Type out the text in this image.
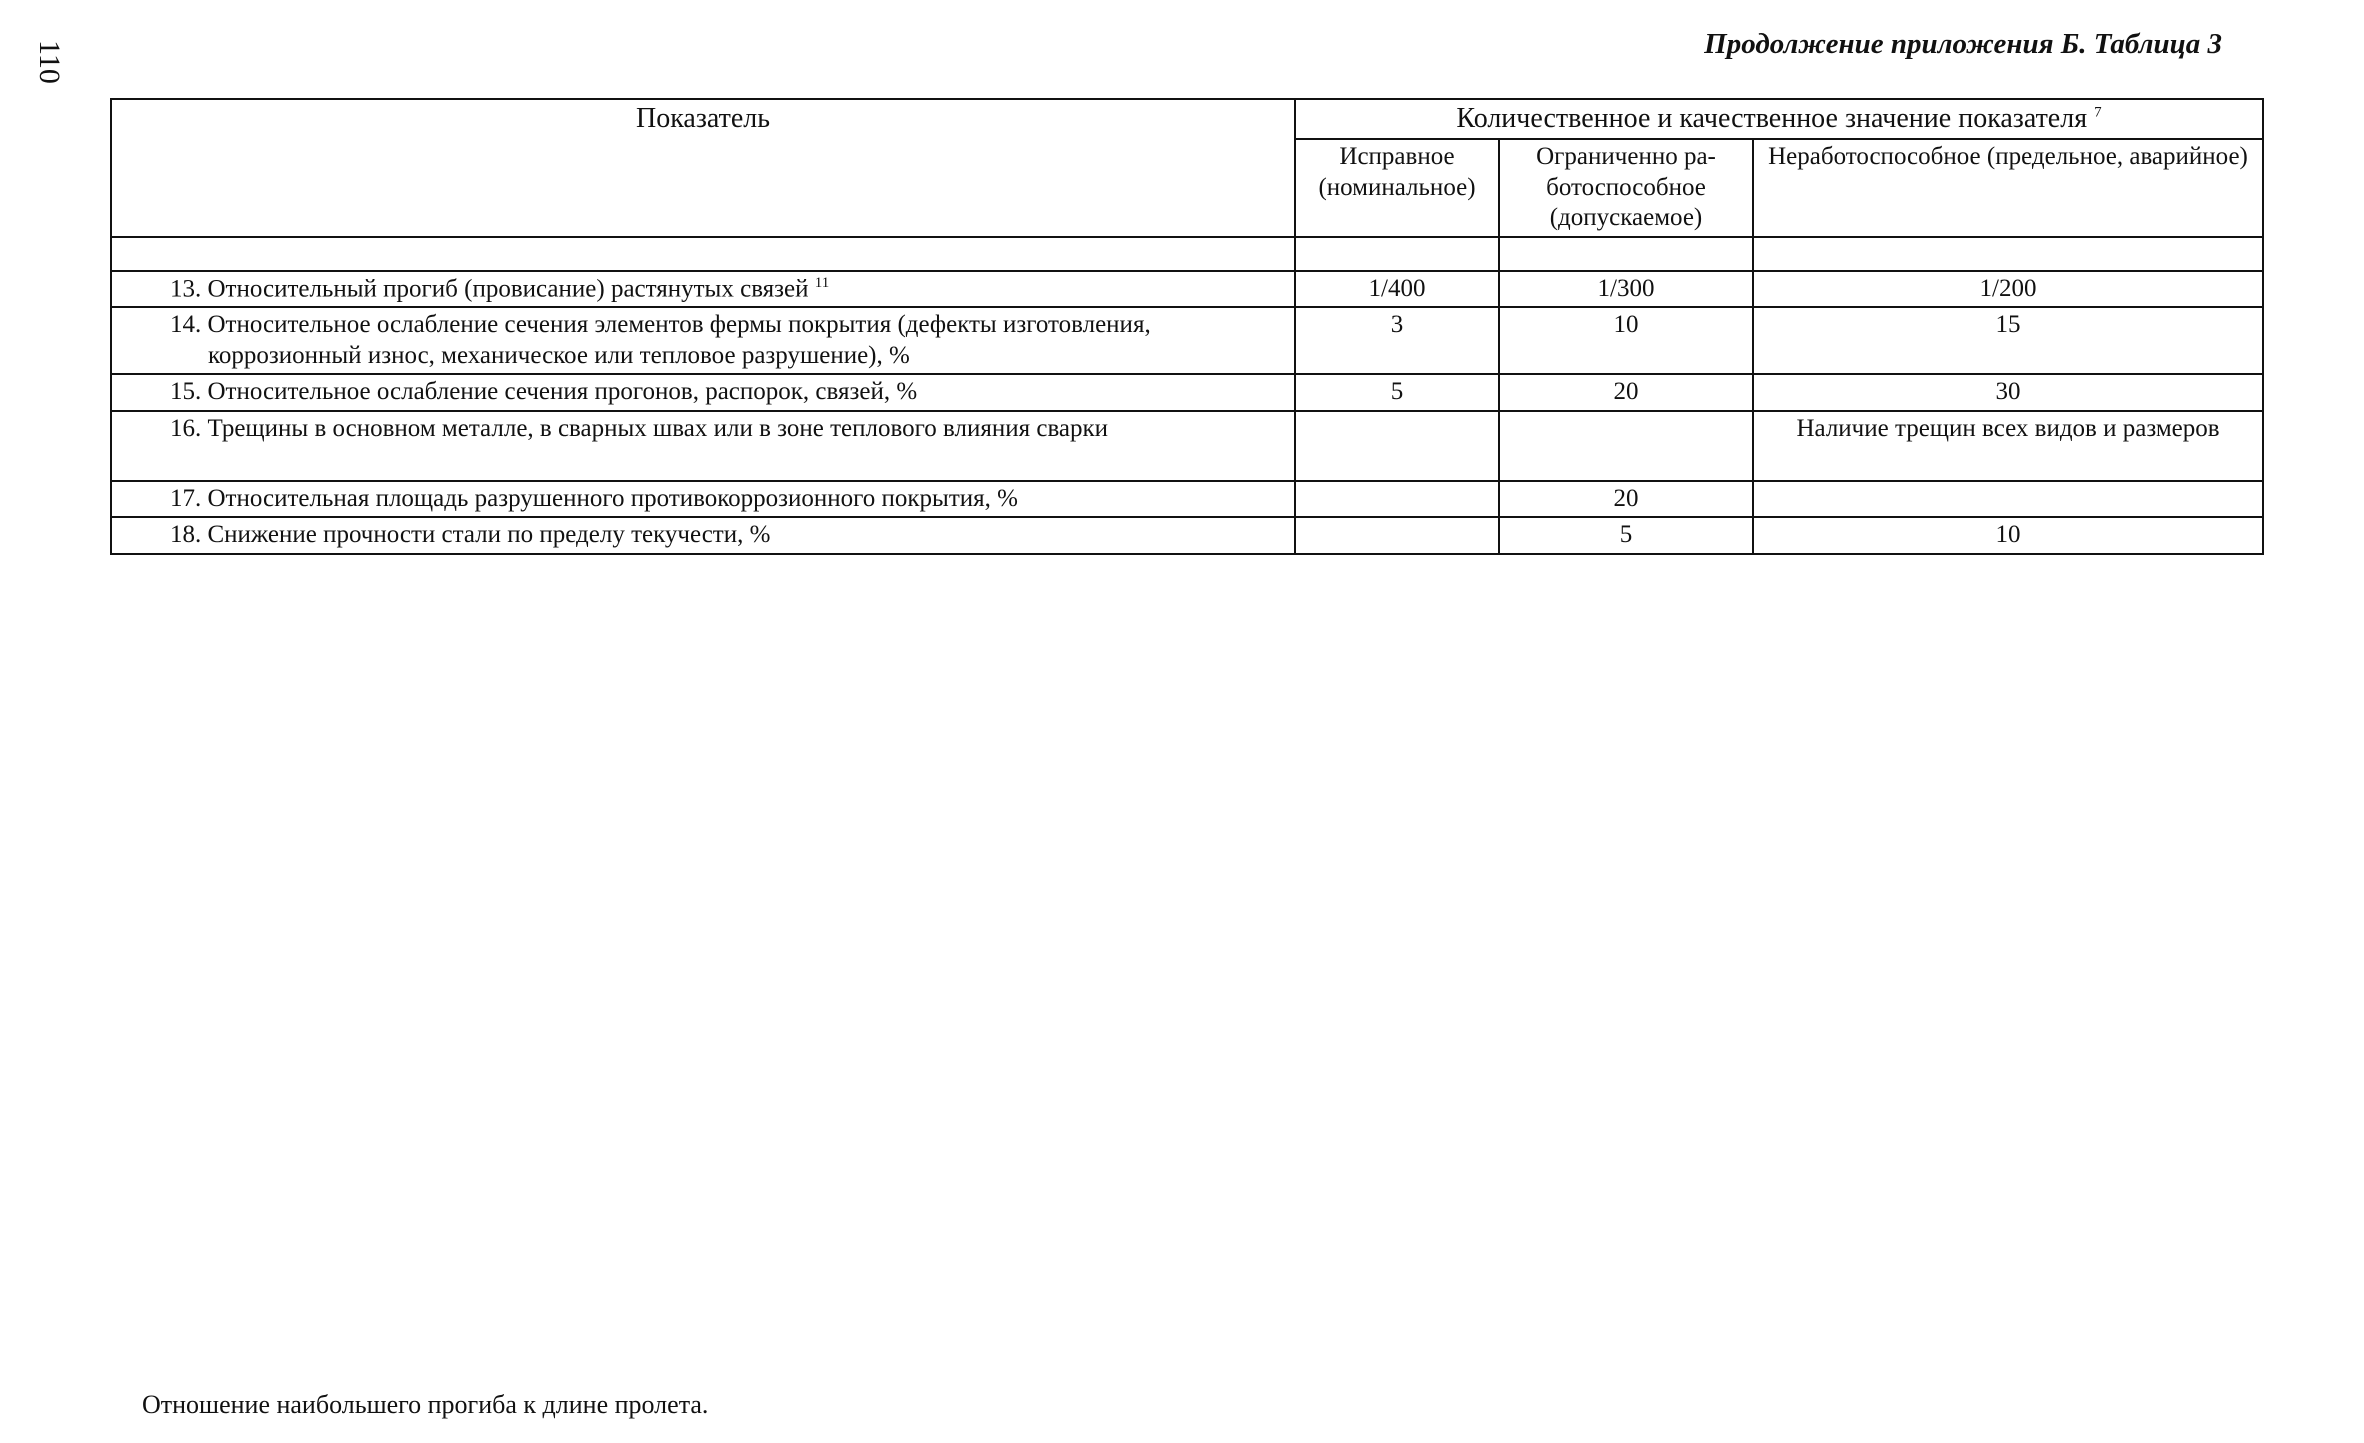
110	Продолжение приложения Б. Таблица 3
Показатель	Количественное и качественное значение показателя $^7$
	Исправное (номинальное)	Ограниченно ра-ботоспособное (допускаемое)	Неработоспособное (предельное, аварийное)

13. Относительный прогиб (провисание) растянутых связей $^{11}$	1/400	1/300	1/200

14. Относительное ослабление сечения элементов фермы покрытия (дефекты изготовления, коррозионный износ, механическое или тепловое разрушение), %	3	10	15

15. Относительное ослабление сечения прогонов, распорок, связей, %	5	20	30

16. Трещины в основном металле, в сварных швах или в зоне теплового влияния сварки			Наличие трещин всех видов и размеров

17. Относительная площадь разрушенного противокоррозионного покрытия, %		20	

18. Снижение прочности стали по пределу текучести, %		5	10
Отношение наибольшего прогиба к длине пролета.
